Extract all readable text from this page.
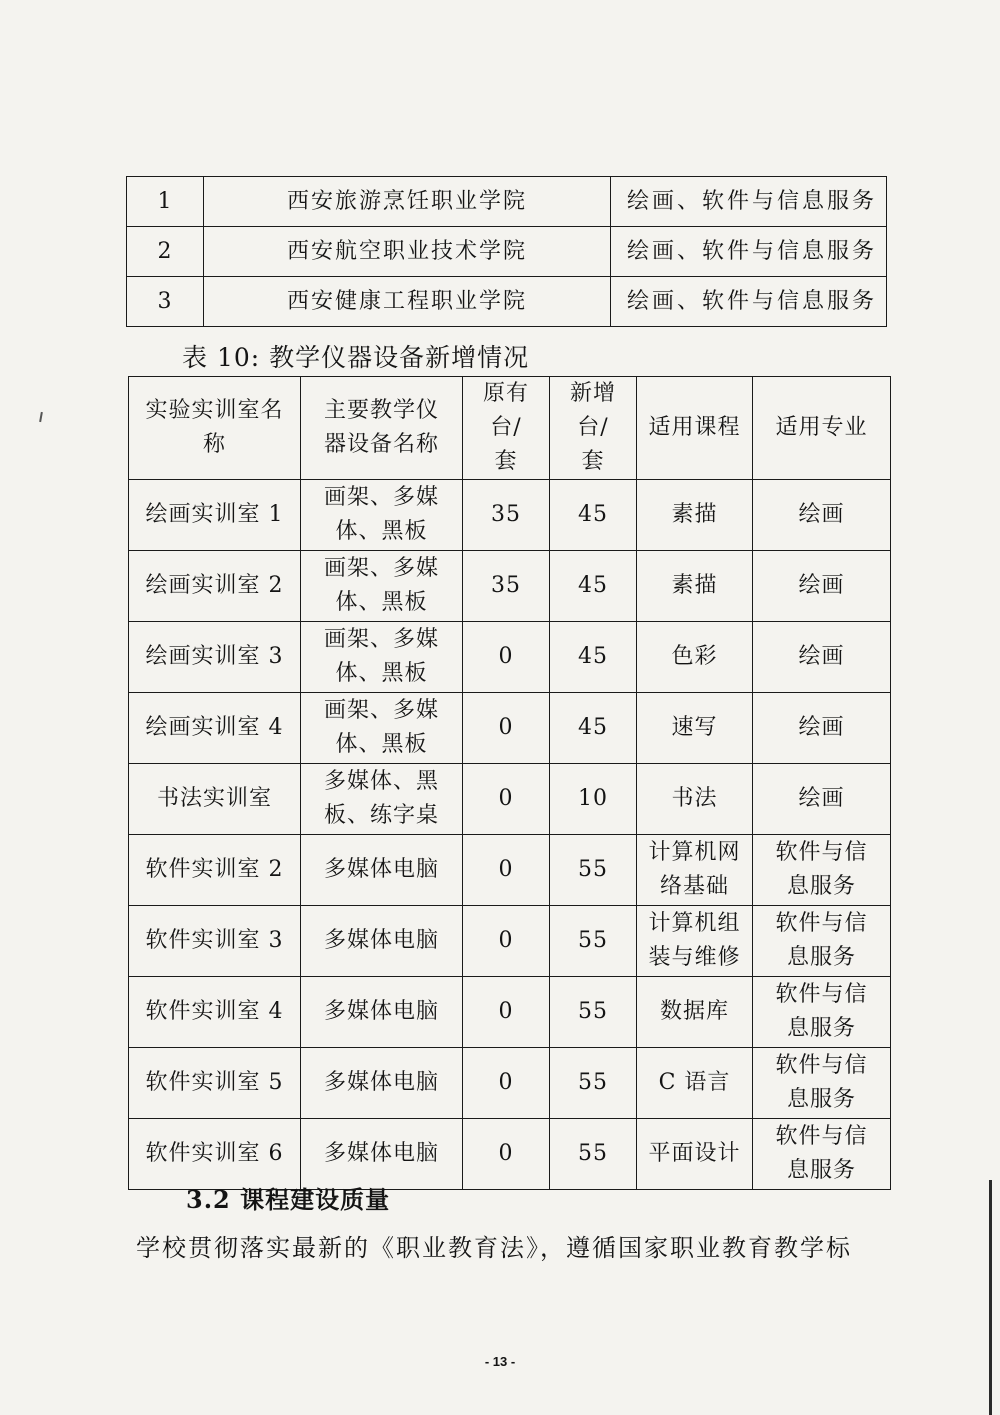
1	西安旅游烹饪职业学院	绘画、软件与信息服务
2	西安航空职业技术学院	绘画、软件与信息服务
3	西安健康工程职业学院	绘画、软件与信息服务
表 10: 教学仪器设备新增情况
实验实训室名称	主要教学仪器设备名称	原有台/套	新增台/套	适用课程	适用专业
绘画实训室 1	画架、多媒体、黑板	35	45	素描	绘画
绘画实训室 2	画架、多媒体、黑板	35	45	素描	绘画
绘画实训室 3	画架、多媒体、黑板	0	45	色彩	绘画
绘画实训室 4	画架、多媒体、黑板	0	45	速写	绘画
书法实训室	多媒体、黑板、练字桌	0	10	书法	绘画
软件实训室 2	多媒体电脑	0	55	计算机网络基础	软件与信息服务
软件实训室 3	多媒体电脑	0	55	计算机组装与维修	软件与信息服务
软件实训室 4	多媒体电脑	0	55	数据库	软件与信息服务
软件实训室 5	多媒体电脑	0	55	C 语言	软件与信息服务
软件实训室 6	多媒体电脑	0	55	平面设计	软件与信息服务
3.2 课程建设质量
学校贯彻落实最新的《职业教育法》，遵循国家职业教育教学标
- 13 -
